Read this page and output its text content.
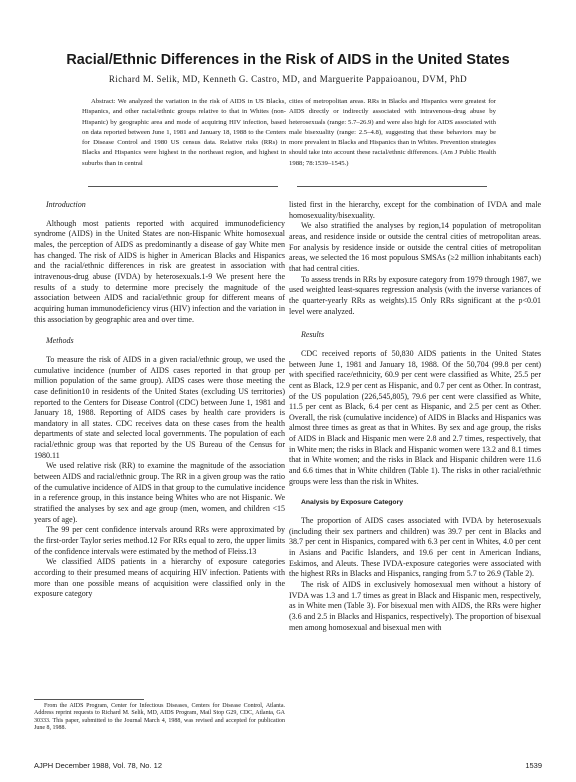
Racial/Ethnic Differences in the Risk of AIDS in the United States
Richard M. Selik, MD, Kenneth G. Castro, MD, and Marguerite Pappaioanou, DVM, PhD

Abstract: We analyzed the variation in the risk of AIDS in US Blacks, Hispanics, and other racial/ethnic groups relative to that in Whites (non-Hispanic) by geographic area and mode of acquiring HIV infection, based on data reported between June 1, 1981 and January 18, 1988 to the Centers for Disease Control and 1980 US census data. Relative risks (RRs) in Blacks and Hispanics were highest in the northeast region, and highest in suburbs than in central

cities of metropolitan areas. RRs in Blacks and Hispanics were greatest for AIDS directly or indirectly associated with intravenous-drug abuse by heterosexuals (range: 5.7–26.9) and were also high for AIDS associated with male bisexuality (range: 2.5–4.8), suggesting that these behaviors may be more prevalent in Blacks and Hispanics than in Whites. Prevention strategies should take into account these racial/ethnic differences. (Am J Public Health 1988; 78:1539–1545.)

Introduction

Although most patients reported with acquired immunodeficiency syndrome (AIDS) in the United States are non-Hispanic White homosexual males, the perception of AIDS as predominantly a disease of gay White men has changed. The risk of AIDS is higher in American Blacks and Hispanics and the racial/ethnic differences in risk are greatest in association with intravenous-drug abuse (IVDA) by heterosexuals.1-9 We present here the results of a study to determine more precisely the magnitude of the association between AIDS and racial/ethnic group for different means of acquiring human immunodeficiency virus (HIV) infection and the variation in this association by geographic area and over time.

Methods

To measure the risk of AIDS in a given racial/ethnic group, we used the cumulative incidence (number of AIDS cases reported in that group per million population of the same group). AIDS cases were those meeting the case definition10 in residents of the United States (excluding US territories) reported to the Centers for Disease Control (CDC) between June 1, 1981 and January 18, 1988. Reporting of AIDS cases by health care providers is mandatory in all states. CDC receives data on these cases from the health departments of state and selected local governments. The population of each racial/ethnic group was that reported by the US Bureau of the Census for 1980.11

We used relative risk (RR) to examine the magnitude of the association between AIDS and racial/ethnic group. The RR in a given group was the ratio of the cumulative incidence of AIDS in that group to the cumulative incidence in a reference group, in this instance being Whites who are not Hispanic. We stratified the analyses by sex and age group (men, women, and children <15 years of age).

The 99 per cent confidence intervals around RRs were approximated by the first-order Taylor series method.12 For RRs equal to zero, the upper limits of the confidence intervals were estimated by the method of Fleiss.13

We classified AIDS patients in a hierarchy of exposure categories according to their presumed means of acquiring HIV infection. Patients with more than one possible means of acquisition were classified only in the exposure category

listed first in the hierarchy, except for the combination of IVDA and male homosexuality/bisexuality.

We also stratified the analyses by region,14 population of metropolitan areas, and residence inside or outside the central cities of metropolitan areas. For analysis by residence inside or outside the central cities of metropolitan areas, we selected the 16 most populous SMSAs (≥2 million inhabitants each) that had central cities.

To assess trends in RRs by exposure category from 1979 through 1987, we used weighted least-squares regression analysis (with the inverse variances of the quarter-yearly RRs as weights).15 Only RRs significant at the p<0.01 level were analyzed.

Results

CDC received reports of 50,830 AIDS patients in the United States between June 1, 1981 and January 18, 1988. Of the 50,704 (99.8 per cent) with specified race/ethnicity, 60.9 per cent were classified as White, 25.5 per cent as Black, 12.9 per cent as Hispanic, and 0.7 per cent as Other. In contrast, of the US population (226,545,805), 79.6 per cent were classified as White, 11.5 per cent as Black, 6.4 per cent as Hispanic, and 2.5 per cent as Other. Overall, the risk (cumulative incidence) of AIDS in Blacks and Hispanics was almost three times as great as that in Whites. By sex and age group, the risks of AIDS in Black and Hispanic men were 2.8 and 2.7 times, respectively, that in White men; the risks in Black and Hispanic women were 13.2 and 8.1 times that in White women; and the risks in Black and Hispanic children were 11.6 and 6.6 times that in White children (Table 1). The risks in other racial/ethnic groups were less than the risk in Whites.

Analysis by Exposure Category

The proportion of AIDS cases associated with IVDA by heterosexuals (including their sex partners and children) was 39.7 per cent in Blacks and 38.7 per cent in Hispanics, compared with 6.3 per cent in Whites, 4.0 per cent in Asians and Pacific Islanders, and 19.6 per cent in American Indians, Eskimos, and Aleuts. These IVDA-exposure categories were associated with the highest RRs in Blacks and Hispanics, ranging from 5.7 to 26.9 (Table 2).

The risk of AIDS in exclusively homosexual men without a history of IVDA was 1.3 and 1.7 times as great in Black and Hispanic men, respectively, as in White men (Table 3). For bisexual men with AIDS, the RRs were higher (3.6 and 2.5 in Blacks and Hispanics, respectively). The proportion of bisexual men among homosexual and bisexual men with

From the AIDS Program, Center for Infectious Diseases, Centers for Disease Control, Atlanta. Address reprint requests to Richard M. Selik, MD, AIDS Program, Mail Stop G29, CDC, Atlanta, GA 30333. This paper, submitted to the Journal March 4, 1988, was revised and accepted for publication June 8, 1988.

AJPH December 1988, Vol. 78, No. 12	1539
